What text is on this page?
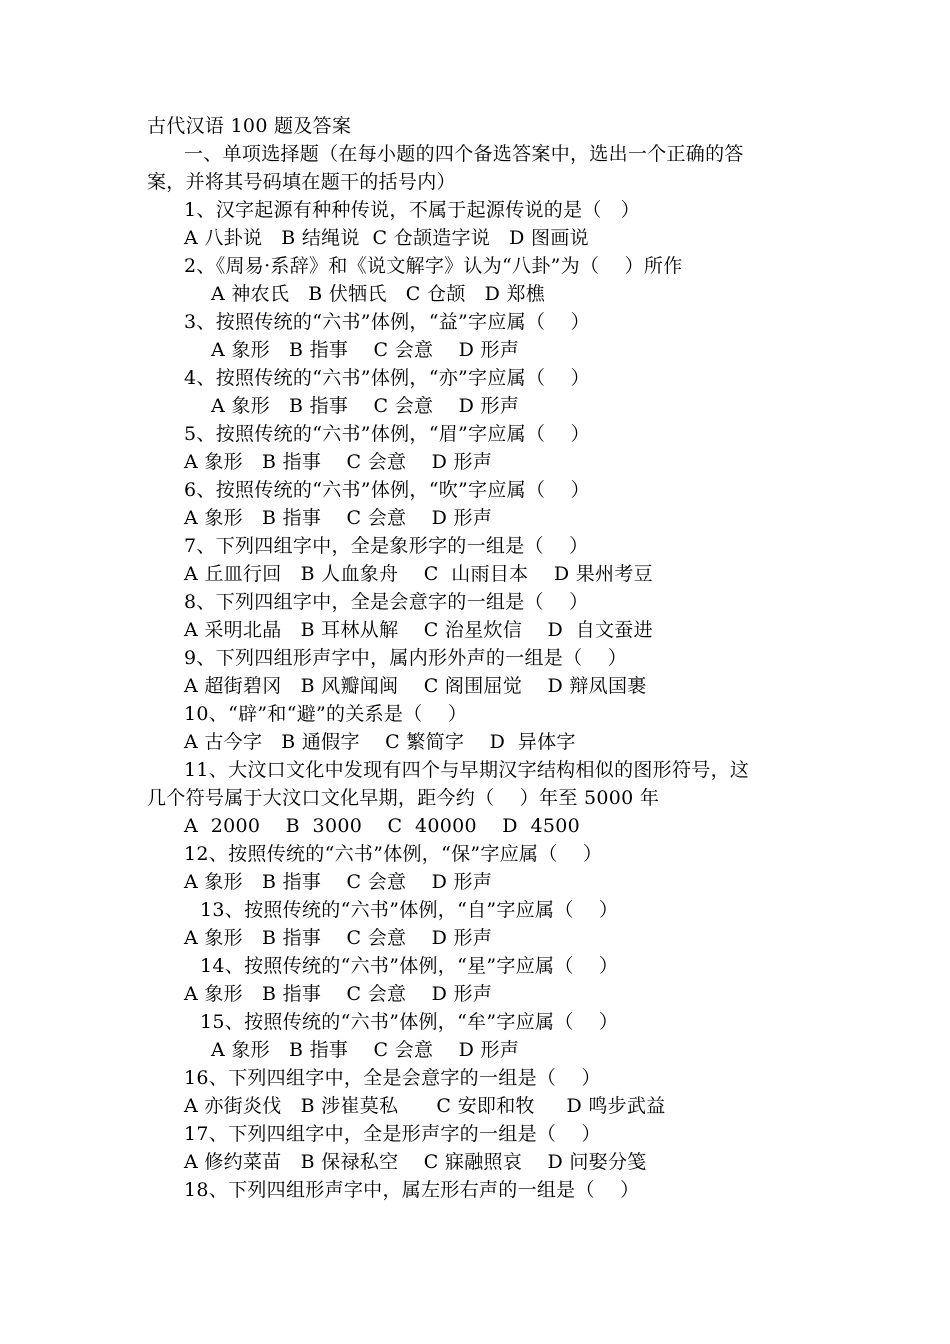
古代汉语 100 题及答案
一、单项选择题（在每小题的四个备选答案中，选出一个正确的答
案，并将其号码填在题干的括号内）
1、汉字起源有种种传说，不属于起源传说的是（   ）
A 八卦说   B 结绳说  C 仓颉造字说   D 图画说
2、《周易·系辞》和《说文解字》认为“八卦”为（    ）所作
A 神农氏   B 伏牺氏   C 仓颉   D 郑樵
3、按照传统的“六书”体例，“益”字应属（    ）
A 象形   B 指事    C 会意    D 形声
4、按照传统的“六书”体例，“亦”字应属（    ）
A 象形   B 指事    C 会意    D 形声
5、按照传统的“六书”体例，“眉”字应属（    ）
A 象形   B 指事    C 会意    D 形声
6、按照传统的“六书”体例，“吹”字应属（    ）
A 象形   B 指事    C 会意    D 形声
7、下列四组字中，全是象形字的一组是（    ）
A 丘皿行回   B 人血象舟    C  山雨目本    D 果州考豆
8、下列四组字中，全是会意字的一组是（    ）
A 采明北晶   B 耳林从解    C 治星炊信    D  自文蚕进
9、下列四组形声字中，属内形外声的一组是（    ）
A 超街碧冈   B 风瓣闻闽    C 阁围屈觉    D 辩凤国裹
10、“辟”和“避”的关系是（    ）
A 古今字   B 通假字    C 繁简字    D  异体字
11、大汶口文化中发现有四个与早期汉字结构相似的图形符号，这
几个符号属于大汶口文化早期，距今约（    ）年至 5000 年
A  2000    B  3000    C  40000    D  4500
12、按照传统的“六书”体例，“保”字应属（    ）
A 象形   B 指事    C 会意    D 形声
13、按照传统的“六书”体例，“自”字应属（    ）
A 象形   B 指事    C 会意    D 形声
14、按照传统的“六书”体例，“星”字应属（    ）
A 象形   B 指事    C 会意    D 形声
15、按照传统的“六书”体例，“牟”字应属（    ）
A 象形   B 指事    C 会意    D 形声
16、下列四组字中，全是会意字的一组是（    ）
A 亦街炎伐   B 涉崔莫私      C 安即和牧     D 鸣步武益
17、下列四组字中，全是形声字的一组是（    ）
A 修约菜苗   B 保禄私空    C 寐融照哀    D 问娶分笺
18、下列四组形声字中，属左形右声的一组是（    ）
